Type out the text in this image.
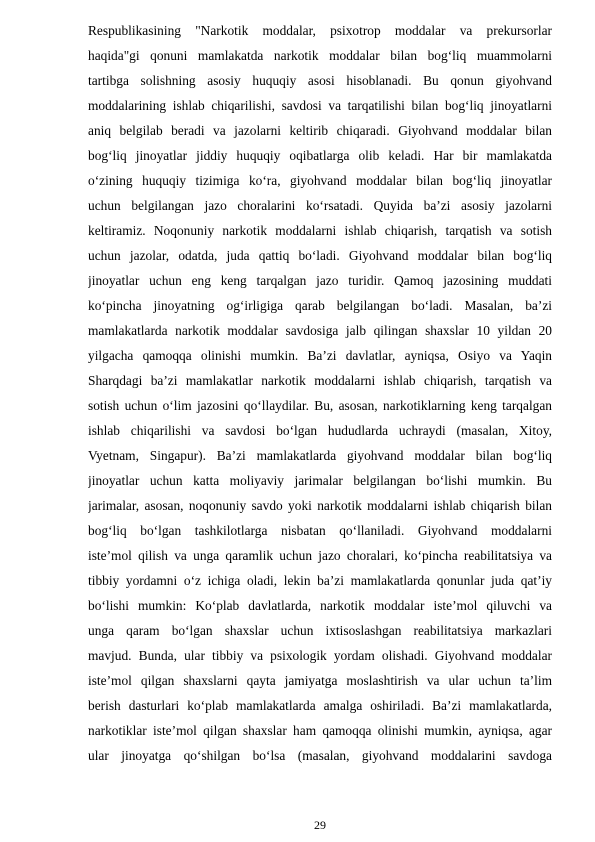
Respublikasining "Narkotik moddalar, psixotrop moddalar va prekursorlar
haqida"gi qonuni mamlakatda narkotik moddalar bilan bog‘liq muammolarni
tartibga solishning asosiy huquqiy asosi hisoblanadi. Bu qonun giyohvand
moddalarining ishlab chiqarilishi, savdosi va tarqatilishi bilan bog‘liq jinoyatlarni
aniq belgilab beradi va jazolarni keltirib chiqaradi. Giyohvand moddalar bilan
bog‘liq jinoyatlar jiddiy huquqiy oqibatlarga olib keladi. Har bir mamlakatda
o‘zining huquqiy tizimiga ko‘ra, giyohvand moddalar bilan bog‘liq jinoyatlar
uchun belgilangan jazo choralarini ko‘rsatadi. Quyida ba’zi asosiy jazolarni
keltiramiz. Noqonuniy narkotik moddalarni ishlab chiqarish, tarqatish va sotish
uchun jazolar, odatda, juda qattiq bo‘ladi. Giyohvand moddalar bilan bog‘liq
jinoyatlar uchun eng keng tarqalgan jazo turidir. Qamoq jazosining muddati
ko‘pincha jinoyatning og‘irligiga qarab belgilangan bo‘ladi. Masalan, ba’zi
mamlakatlarda narkotik moddalar savdosiga jalb qilingan shaxslar 10 yildan 20
yilgacha qamoqqa olinishi mumkin. Ba’zi davlatlar, ayniqsa, Osiyo va Yaqin
Sharqdagi ba’zi mamlakatlar narkotik moddalarni ishlab chiqarish, tarqatish va
sotish uchun o‘lim jazosini qo‘llaydilar. Bu, asosan, narkotiklarning keng tarqalgan
ishlab chiqarilishi va savdosi bo‘lgan hududlarda uchraydi (masalan, Xitoy,
Vyetnam, Singapur). Ba’zi mamlakatlarda giyohvand moddalar bilan bog‘liq
jinoyatlar uchun katta moliyaviy jarimalar belgilangan bo‘lishi mumkin. Bu
jarimalar, asosan, noqonuniy savdo yoki narkotik moddalarni ishlab chiqarish bilan
bog‘liq bo‘lgan tashkilotlarga nisbatan qo‘llaniladi. Giyohvand moddalarni
iste’mol qilish va unga qaramlik uchun jazo choralari, ko‘pincha reabilitatsiya va
tibbiy yordamni o‘z ichiga oladi, lekin ba’zi mamlakatlarda qonunlar juda qat’iy
bo‘lishi mumkin: Ko‘plab davlatlarda, narkotik moddalar iste’mol qiluvchi va
unga qaram bo‘lgan shaxslar uchun ixtisoslashgan reabilitatsiya markazlari
mavjud. Bunda, ular tibbiy va psixologik yordam olishadi. Giyohvand moddalar
iste’mol qilgan shaxslarni qayta jamiyatga moslashtirish va ular uchun ta’lim
berish dasturlari ko‘plab mamlakatlarda amalga oshiriladi. Ba’zi mamlakatlarda,
narkotiklar iste’mol qilgan shaxslar ham qamoqqa olinishi mumkin, ayniqsa, agar
ular jinoyatga qo‘shilgan bo‘lsa (masalan, giyohvand moddalarini savdoga
29
